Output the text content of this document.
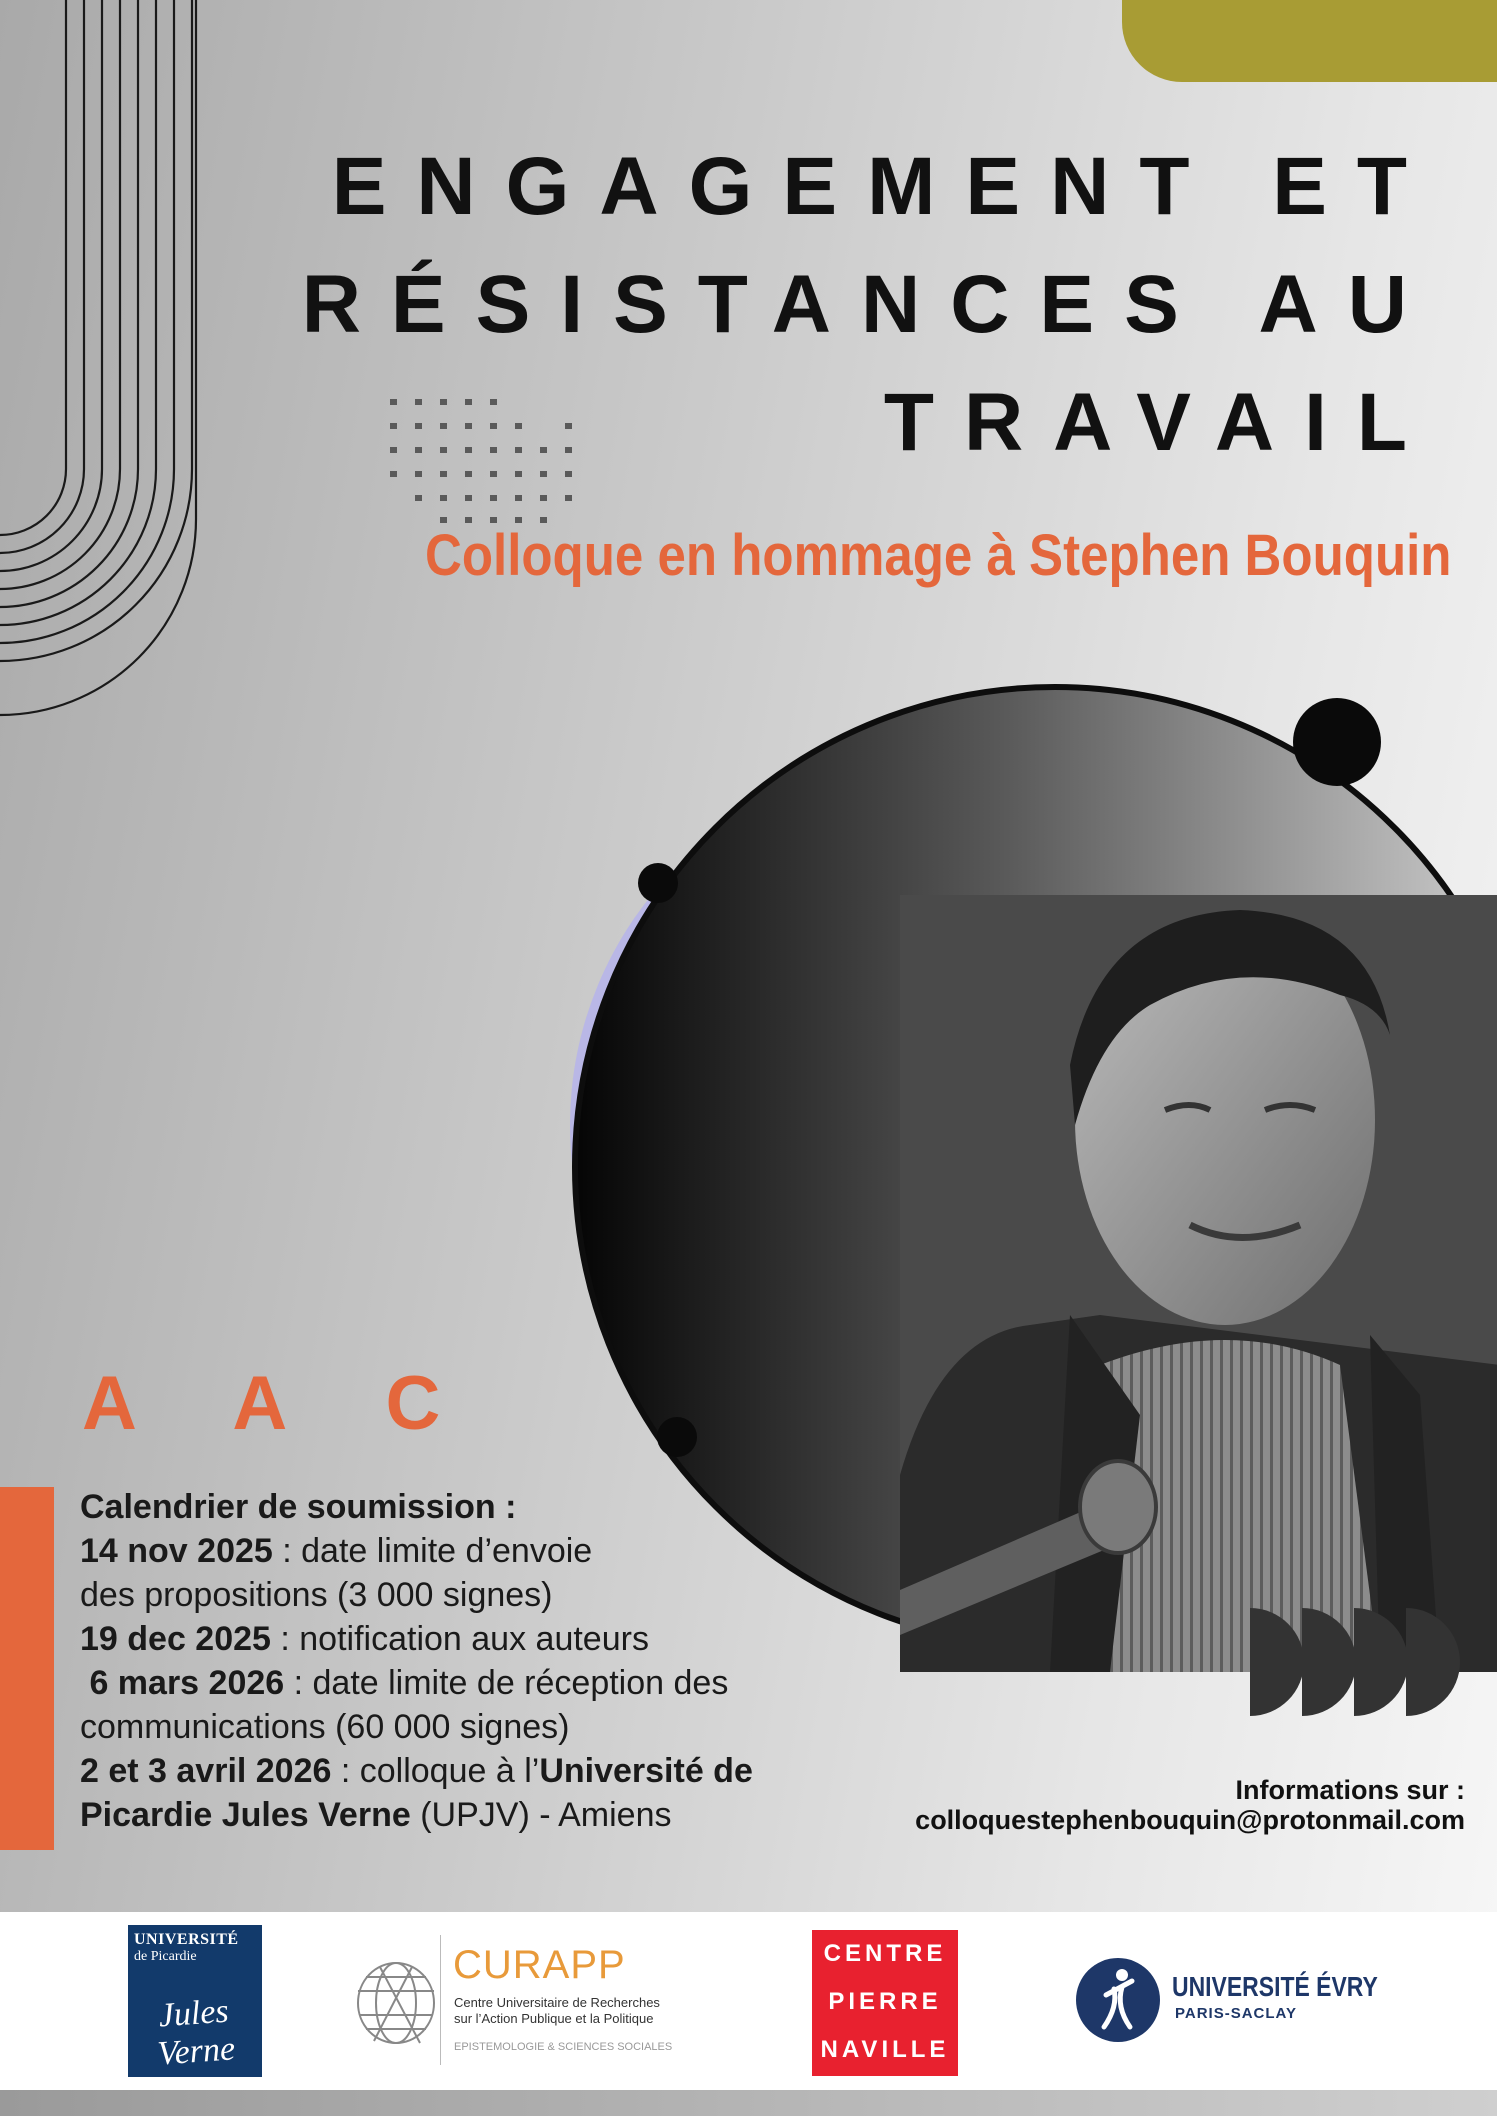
ENGAGEMENT ET
RÉSISTANCES AU
TRAVAIL
Colloque en hommage à Stephen Bouquin
A A C
Calendrier de soumission :
14 nov 2025 : date limite d’envoie
des propositions (3 000 signes)
19 dec 2025 : notification aux auteurs
6 mars 2026 : date limite de réception des
communications (60 000 signes)
2 et 3 avril 2026 : colloque à l’Université de
Picardie Jules Verne (UPJV) - Amiens
Informations sur :
colloquestephenbouquin@protonmail.com
UNIVERSITÉ
de Picardie
Jules Verne
CURAPP
Centre Universitaire de Recherches
sur l’Action Publique et la Politique
EPISTEMOLOGIE & SCIENCES SOCIALES
CENTRE
PIERRE
NAVILLE
UNIVERSITÉ ÉVRY
PARIS-SACLAY
